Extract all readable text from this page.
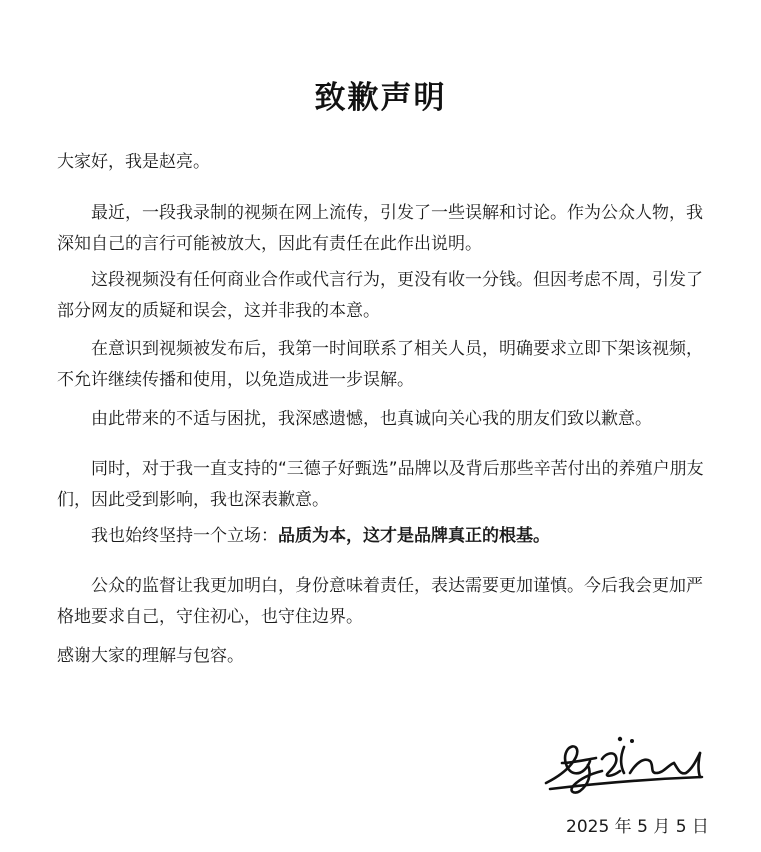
致歉声明

大家好，我是赵亮。

最近，一段我录制的视频在网上流传，引发了一些误解和讨论。作为公众人物，我深知自己的言行可能被放大，因此有责任在此作出说明。

这段视频没有任何商业合作或代言行为，更没有收一分钱。但因考虑不周，引发了部分网友的质疑和误会，这并非我的本意。

在意识到视频被发布后，我第一时间联系了相关人员，明确要求立即下架该视频，不允许继续传播和使用，以免造成进一步误解。

由此带来的不适与困扰，我深感遗憾，也真诚向关心我的朋友们致以歉意。

同时，对于我一直支持的“三德子好甄选”品牌以及背后那些辛苦付出的养殖户朋友们，因此受到影响，我也深表歉意。

我也始终坚持一个立场：品质为本，这才是品牌真正的根基。

公众的监督让我更加明白，身份意味着责任，表达需要更加谨慎。今后我会更加严格地要求自己，守住初心，也守住边界。

感谢大家的理解与包容。

2025 年 5 月 5 日
